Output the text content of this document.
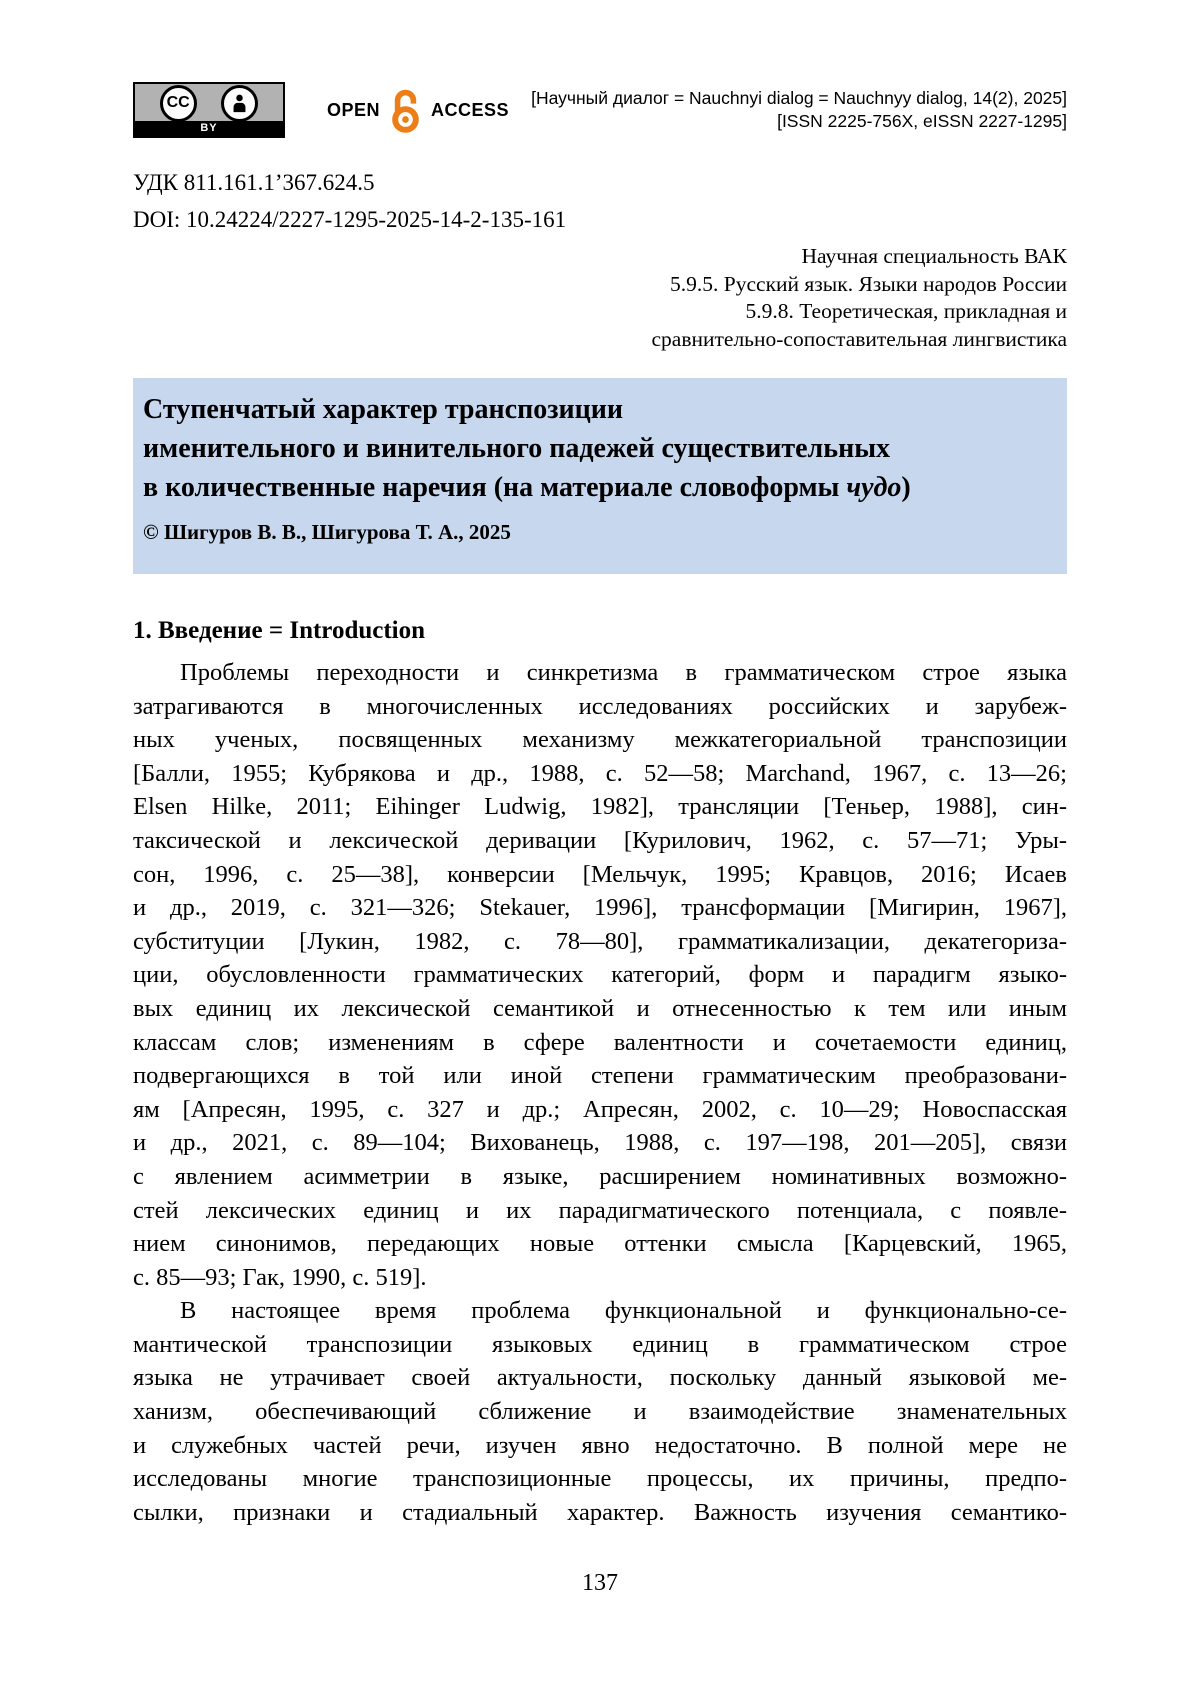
CC
BY
OPEN	ACCESS
[Научный диалог = Nauchnyi dialog = Nauchnyy dialog, 14(2), 2025]
[ISSN 2225-756X, eISSN 2227-1295]
УДК 811.161.1’367.624.5
DOI: 10.24224/2227-1295-2025-14-2-135-161
Научная специальность ВАК
5.9.5. Русский язык. Языки народов России
5.9.8. Теоретическая, прикладная и
сравнительно-сопоставительная лингвистика
Ступенчатый характер транспозиции
именительного и винительного падежей существительных
в количественные наречия (на материале словоформы чудо)
© Шигуров В. В., Шигурова Т. А., 2025
1. Введение = Introduction
Проблемы переходности и синкретизма в грамматическом строе языка
затрагиваются в многочисленных исследованиях российских и зарубеж-
ных ученых, посвященных механизму межкатегориальной транспозиции
[Балли, 1955; Кубрякова и др., 1988, с. 52—58; Marchand, 1967, с. 13—26;
Elsen Hilke, 2011; Eihinger Ludwig, 1982], трансляции [Теньер, 1988], син-
таксической и лексической деривации [Курилович, 1962, с. 57—71; Уры-
сон, 1996, с. 25—38], конверсии [Мельчук, 1995; Кравцов, 2016; Исаев
и др., 2019, с. 321—326; Stekauer, 1996], трансформации [Мигирин, 1967],
субституции [Лукин, 1982, с. 78—80], грамматикализации, декатегориза-
ции, обусловленности грамматических категорий, форм и парадигм языко-
вых единиц их лексической семантикой и отнесенностью к тем или иным
классам слов; изменениям в сфере валентности и сочетаемости единиц,
подвергающихся в той или иной степени грамматическим преобразовани-
ям [Апресян, 1995, с. 327 и др.; Апресян, 2002, с. 10—29; Новоспасская
и др., 2021, с. 89—104; Вихованець, 1988, с. 197—198, 201—205], связи
с явлением асимметрии в языке, расширением номинативных возможно-
стей лексических единиц и их парадигматического потенциала, с появле-
нием синонимов, передающих новые оттенки смысла [Карцевский, 1965,
с. 85—93; Гак, 1990, с. 519].
В настоящее время проблема функциональной и функционально-се-
мантической транспозиции языковых единиц в грамматическом строе
языка не утрачивает своей актуальности, поскольку данный языковой ме-
ханизм, обеспечивающий сближение и взаимодействие знаменательных
и служебных частей речи, изучен явно недостаточно. В полной мере не
исследованы многие транспозиционные процессы, их причины, предпо-
сылки, признаки и стадиальный характер. Важность изучения семантико-
137
